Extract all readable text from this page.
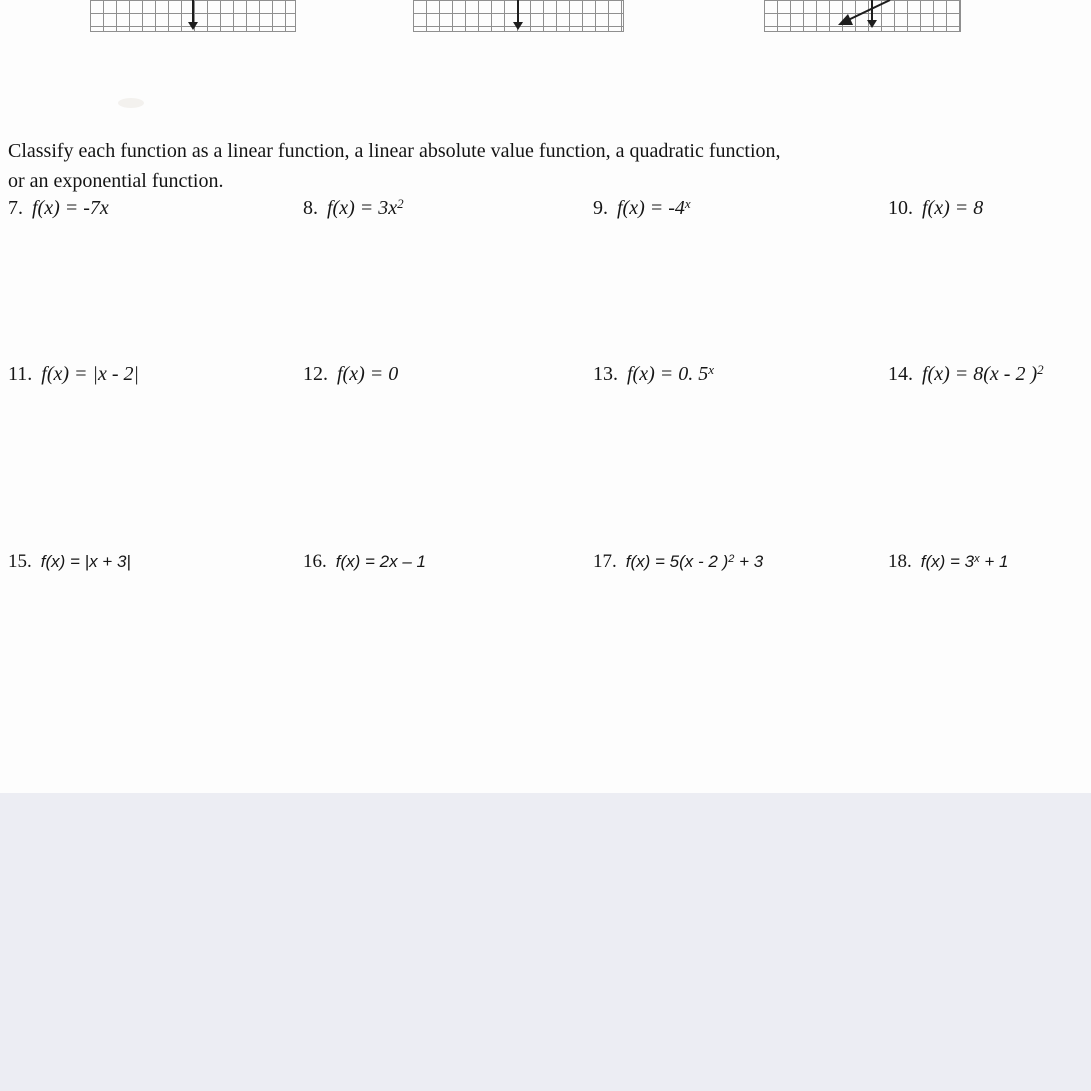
Classify each function as a linear function, a linear absolute value function, a quadratic function,
or an exponential function.
7. f(x) = -7x	8. $f(x) = 3x^2$	9. $f(x) = -4^x$	10. f(x) = 8
11. f(x) = |x - 2|	12. f(x) = 0	13. f(x) = 0. 5$^x$	14. f(x) = 8(x - 2 )$^2$
15. f(x) = |x + 3|	16. f(x) = 2x – 1	17. f(x) = 5(x - 2 )$^2$ + 3	18. $f(x) = 3^x + 1$
